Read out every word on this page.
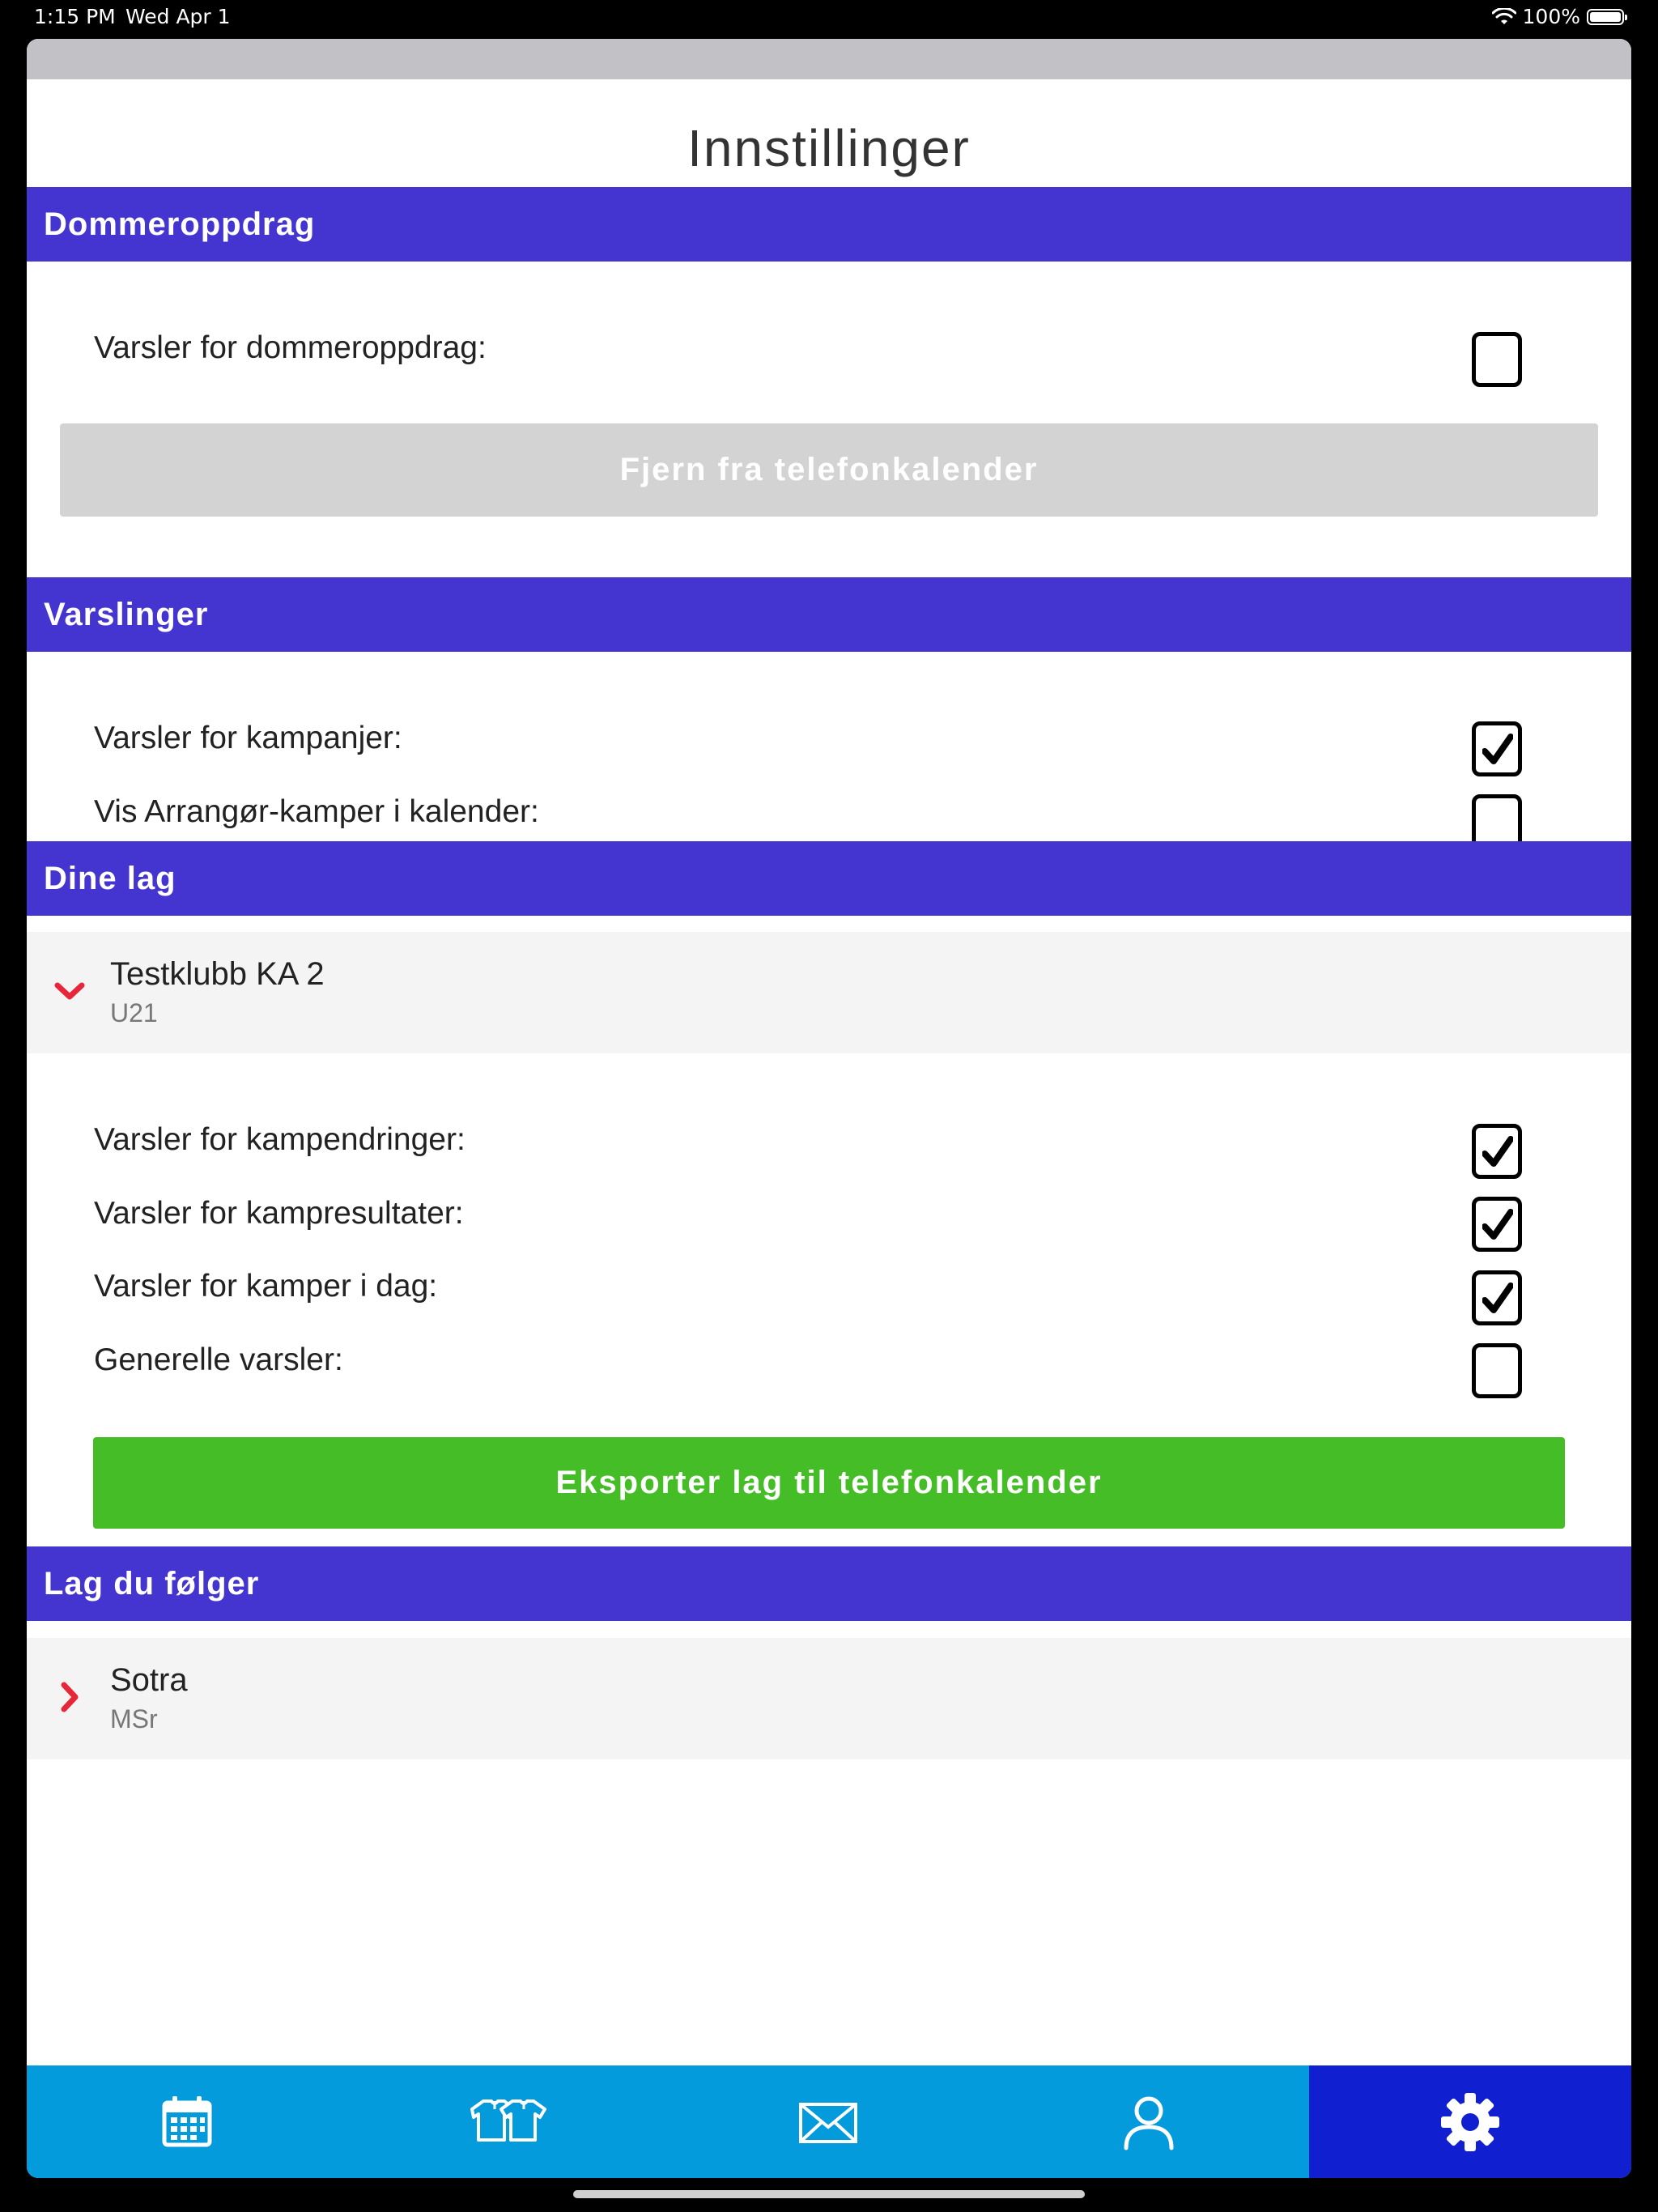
1:15 PM Wed Apr 1	100%
Innstillinger
Dommeroppdrag
Varsler for dommeroppdrag:
Fjern fra telefonkalender
Varslinger
Varsler for kampanjer:
Vis Arrangør-kamper i kalender:
Dine lag
Testklubb KA 2
U21
Varsler for kampendringer:
Varsler for kampresultater:
Varsler for kamper i dag:
Generelle varsler:
Eksporter lag til telefonkalender
Lag du følger
Sotra
MSr
